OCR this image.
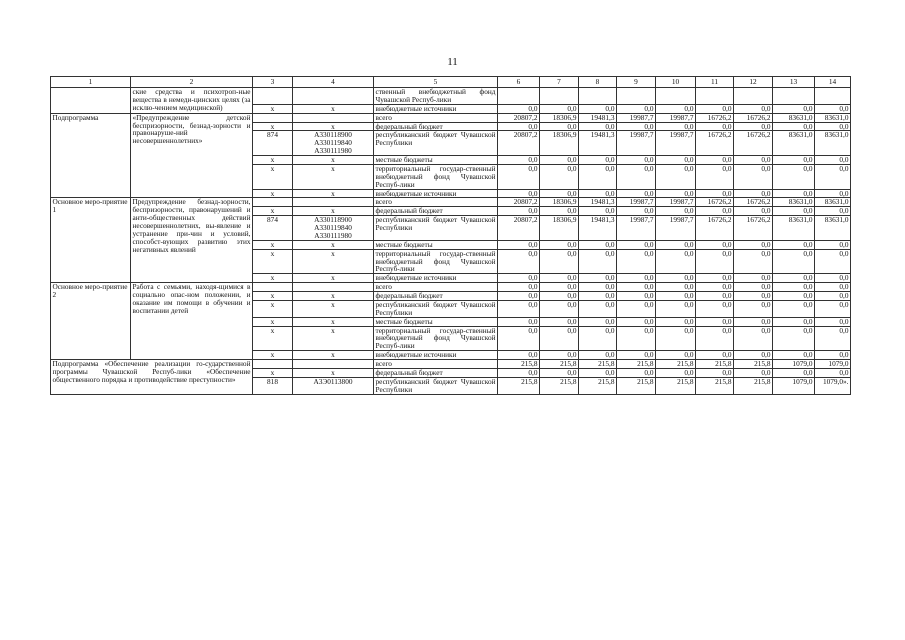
11
1	2	3	4	5	6	7	8	9	10	11	12	13	14
	ские средства и психотроп-ные вещества в немеди-цинских целях (за исклю-чением медицинской)			ственный внебюджетный фонд Чувашской Респуб-лики									
		x	x	внебюджетные источники	0,0	0,0	0,0	0,0	0,0	0,0	0,0	0,0	0,0
Подпрограмма	«Предупреждение детской беспризорности, безнад-зорности и правонаруше-ний несовершеннолетних»			всего	20807,2	18306,9	19481,3	19987,7	19987,7	16726,2	16726,2	83631,0	83631,0
		x	x	федеральный бюджет	0,0	0,0	0,0	0,0	0,0	0,0	0,0	0,0	0,0
		874	А330118900 А330119840 А330111980	республиканский бюджет Чувашской Республики	20807,2	18306,9	19481,3	19987,7	19987,7	16726,2	16726,2	83631,0	83631,0
		x	x	местные бюджеты	0,0	0,0	0,0	0,0	0,0	0,0	0,0	0,0	0,0
		x	x	территориальный государ-ственный внебюджетный фонд Чувашской Респуб-лики	0,0	0,0	0,0	0,0	0,0	0,0	0,0	0,0	0,0
		x	x	внебюджетные источники	0,0	0,0	0,0	0,0	0,0	0,0	0,0	0,0	0,0
Основное меро-приятие 1	Предупреждение безнад-зорности, беспризорности, правонарушений и анти-общественных действий несовершеннолетних, вы-явление и устранение при-чин и условий, способст-вующих развитию этих негативных явлений			всего	20807,2	18306,9	19481,3	19987,7	19987,7	16726,2	16726,2	83631,0	83631,0
		x	x	федеральный бюджет	0,0	0,0	0,0	0,0	0,0	0,0	0,0	0,0	0,0
		874	А330118900 А330119840 А330111980	республиканский бюджет Чувашской Республики	20807,2	18306,9	19481,3	19987,7	19987,7	16726,2	16726,2	83631,0	83631,0
		x	x	местные бюджеты	0,0	0,0	0,0	0,0	0,0	0,0	0,0	0,0	0,0
		x	x	территориальный государ-ственный внебюджетный фонд Чувашской Респуб-лики	0,0	0,0	0,0	0,0	0,0	0,0	0,0	0,0	0,0
		x	x	внебюджетные источники	0,0	0,0	0,0	0,0	0,0	0,0	0,0	0,0	0,0
Основное меро-приятие 2	Работа с семьями, находя-щимися в социально опас-ном положении, и оказание им помощи в обучении и воспитании детей			всего	0,0	0,0	0,0	0,0	0,0	0,0	0,0	0,0	0,0
		x	x	федеральный бюджет	0,0	0,0	0,0	0,0	0,0	0,0	0,0	0,0	0,0
		x	x	республиканский бюджет Чувашской Республики	0,0	0,0	0,0	0,0	0,0	0,0	0,0	0,0	0,0
		x	x	местные бюджеты	0,0	0,0	0,0	0,0	0,0	0,0	0,0	0,0	0,0
		x	x	территориальный государ-ственный внебюджетный фонд Чувашской Респуб-лики	0,0	0,0	0,0	0,0	0,0	0,0	0,0	0,0	0,0
		x	x	внебюджетные источники	0,0	0,0	0,0	0,0	0,0	0,0	0,0	0,0	0,0
Подпрограмма «Обеспечение реализации го-сударственной программы Чувашской Респуб-лики «Обеспечение общественного порядка и противодействие преступности»				всего	215,8	215,8	215,8	215,8	215,8	215,8	215,8	1079,0	1079,0
		x	x	федеральный бюджет	0,0	0,0	0,0	0,0	0,0	0,0	0,0	0,0	0,0
		818	А3Э0113800	республиканский бюджет Чувашской Республики	215,8	215,8	215,8	215,8	215,8	215,8	215,8	1079,0	1079,0».
